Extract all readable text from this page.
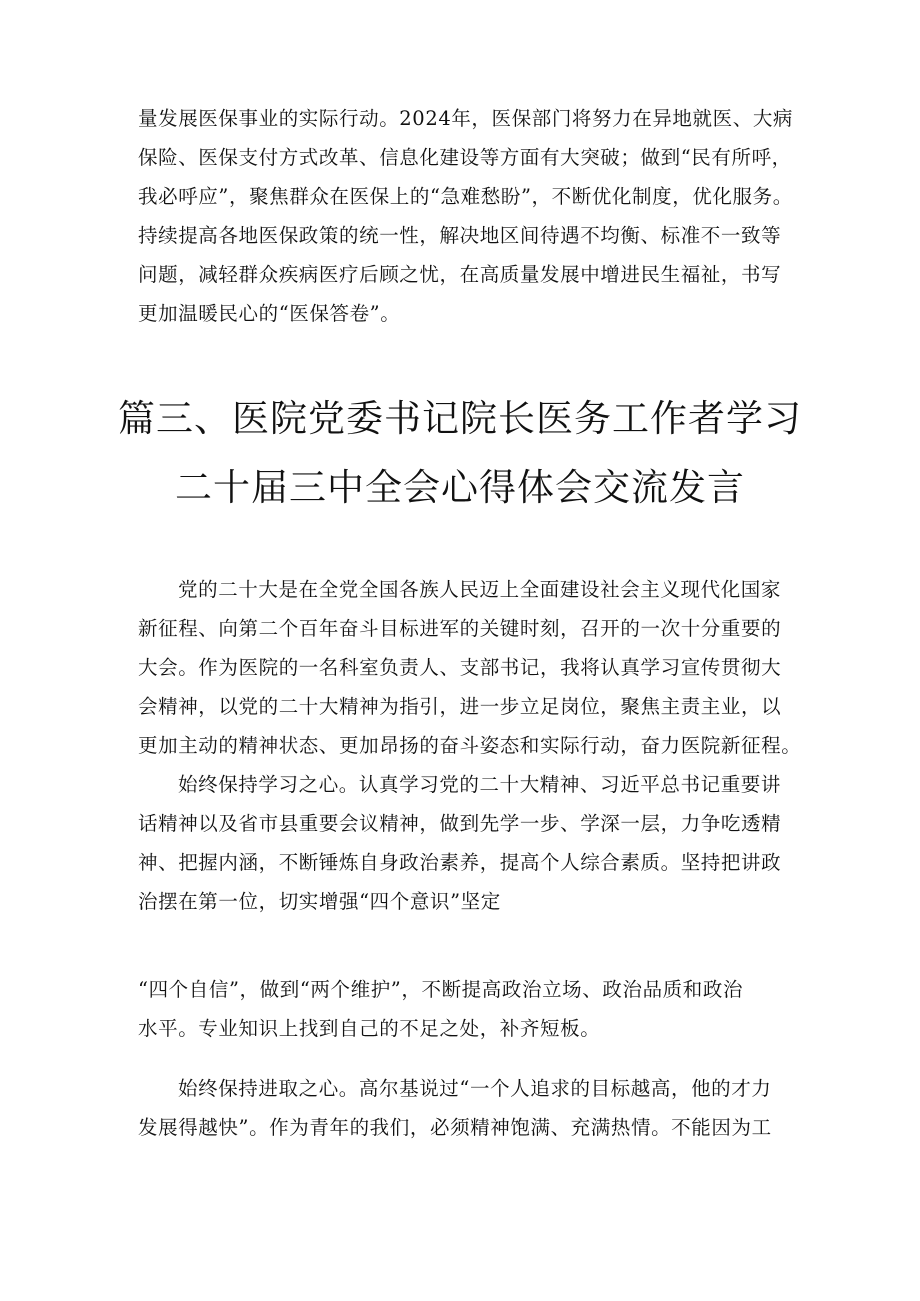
量发展医保事业的实际行动。2024年，医保部门将努力在异地就医、大病
保险、医保支付方式改革、信息化建设等方面有大突破；做到“民有所呼，
我必呼应”，聚焦群众在医保上的“急难愁盼”，不断优化制度，优化服务。
持续提高各地医保政策的统一性，解决地区间待遇不均衡、标准不一致等
问题，减轻群众疾病医疗后顾之忧，在高质量发展中增进民生福祉，书写
更加温暖民心的“医保答卷”。
篇三、医院党委书记院长医务工作者学习
二十届三中全会心得体会交流发言
党的二十大是在全党全国各族人民迈上全面建设社会主义现代化国家
新征程、向第二个百年奋斗目标进军的关键时刻，召开的一次十分重要的
大会。作为医院的一名科室负责人、支部书记，我将认真学习宣传贯彻大
会精神，以党的二十大精神为指引，进一步立足岗位，聚焦主责主业，以
更加主动的精神状态、更加昂扬的奋斗姿态和实际行动，奋力医院新征程。
始终保持学习之心。认真学习党的二十大精神、习近平总书记重要讲
话精神以及省市县重要会议精神，做到先学一步、学深一层，力争吃透精
神、把握内涵，不断锤炼自身政治素养，提高个人综合素质。坚持把讲政
治摆在第一位，切实增强“四个意识”坚定
“四个自信”，做到“两个维护”，不断提高政治立场、政治品质和政治
水平。专业知识上找到自己的不足之处，补齐短板。
始终保持进取之心。高尔基说过“一个人追求的目标越高，他的才力
发展得越快”。作为青年的我们，必须精神饱满、充满热情。不能因为工
